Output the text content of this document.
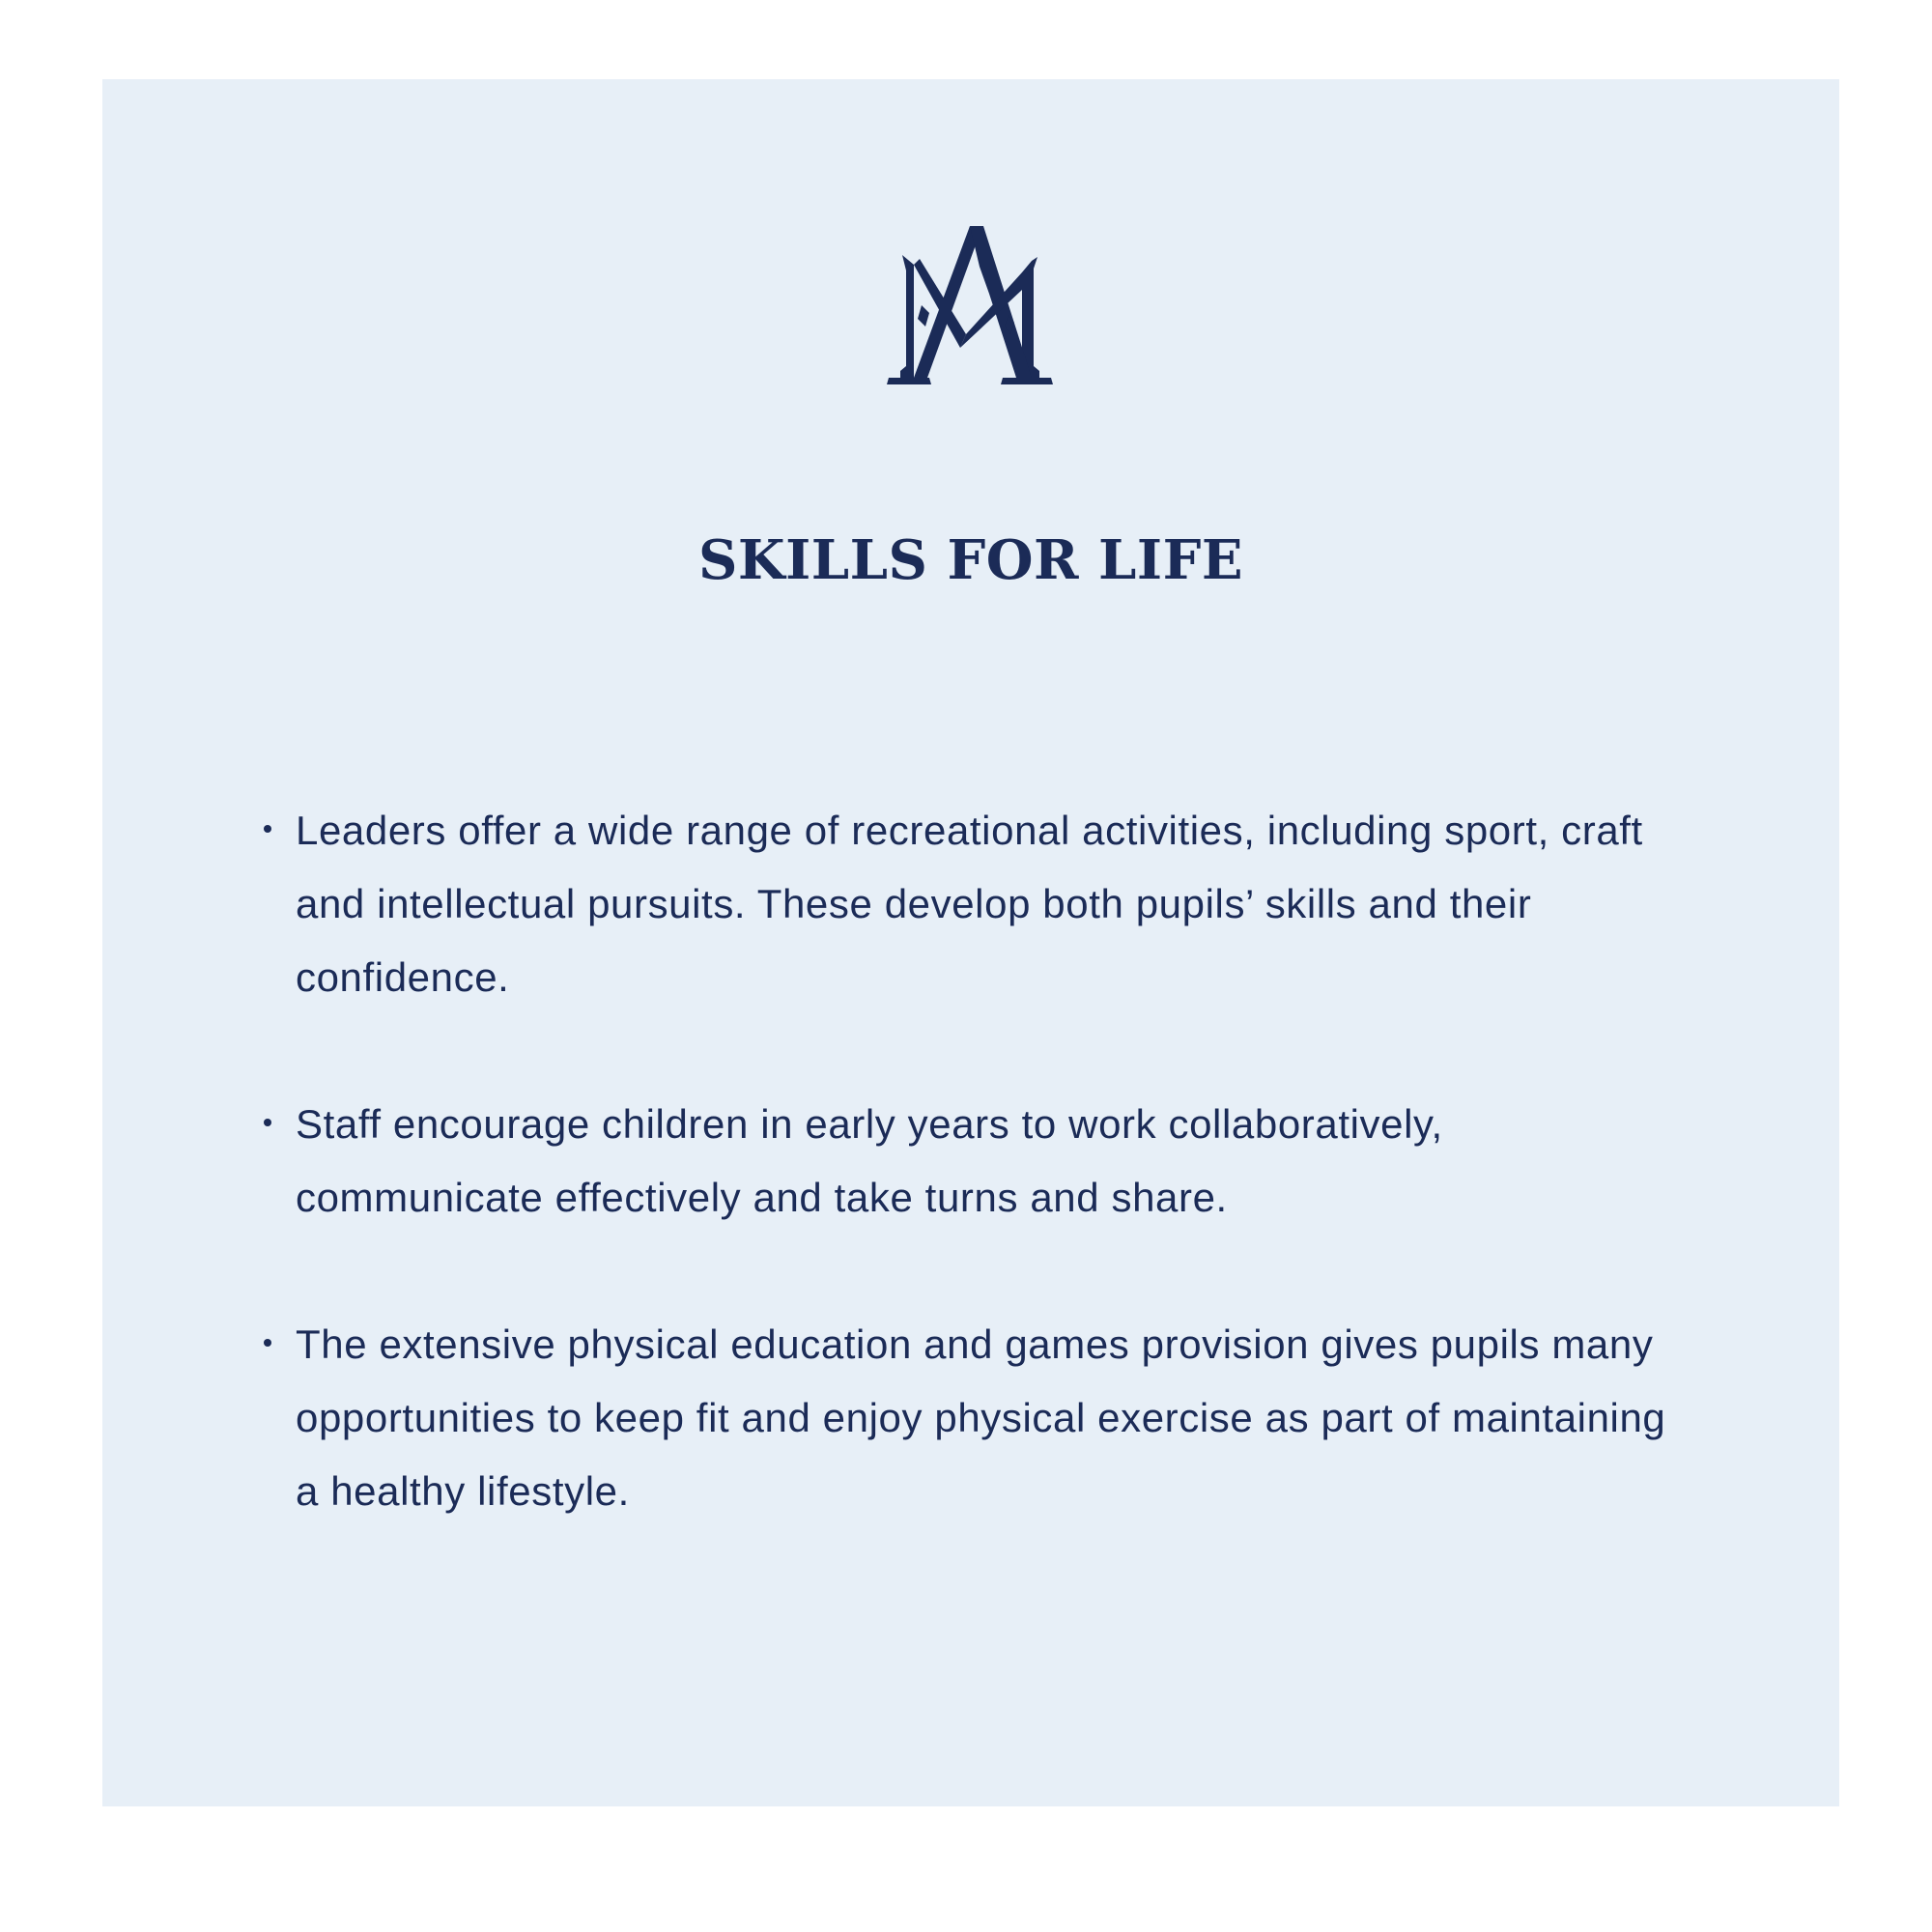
SKILLS FOR LIFE
Leaders offer a wide range of recreational activities, including sport, craft and intellectual pursuits. These develop both pupils’ skills and their confidence.
Staff encourage children in early years to work collaboratively, communicate effectively and take turns and share.
The extensive physical education and games provision gives pupils many opportunities to keep fit and enjoy physical exercise as part of maintaining a healthy lifestyle.
